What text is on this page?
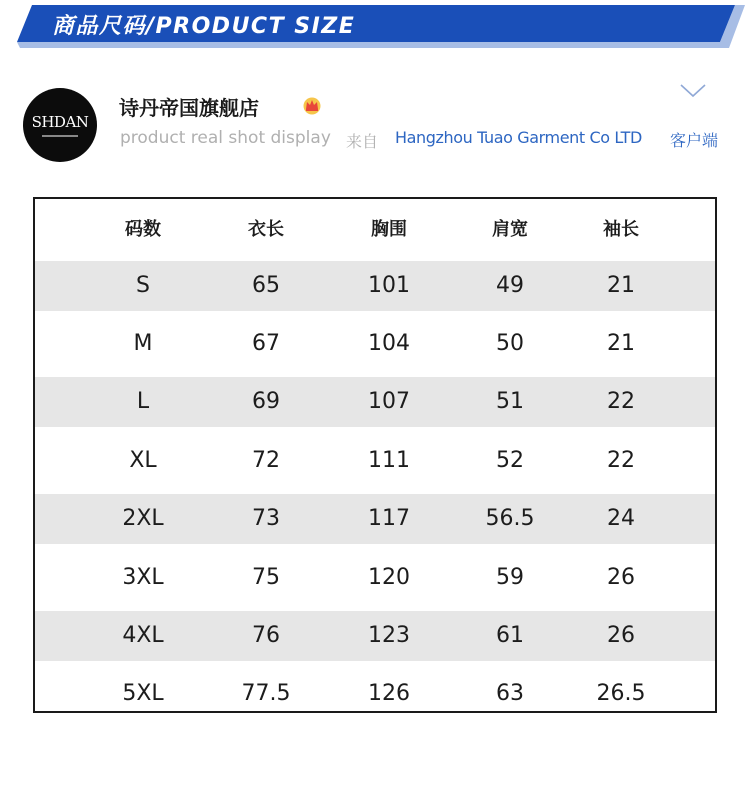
商品尺码/PRODUCT SIZE
SHDAN
诗丹帝国旗舰店
product real shot display 来自 Hangzhou Tuao Garment Co LTD 客户端
码数	衣长	胸围	肩宽	袖长
S	65	101	49	21
M	67	104	50	21
L	69	107	51	22
XL	72	111	52	22
2XL	73	117	56.5	24
3XL	75	120	59	26
4XL	76	123	61	26
5XL	77.5	126	63	26.5
